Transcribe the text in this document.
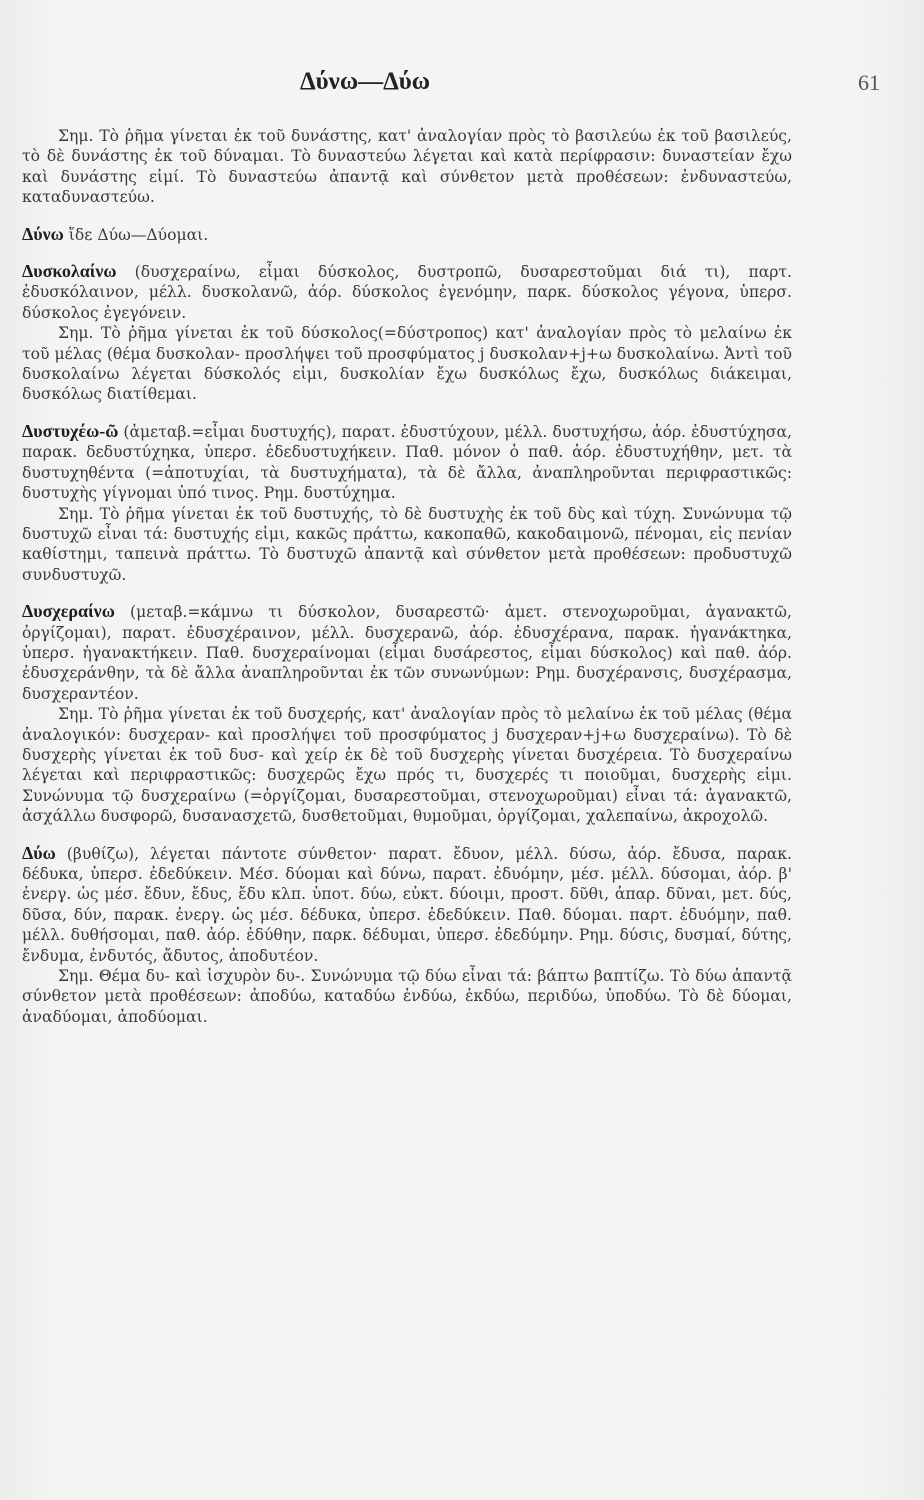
Δύνω—Δύω	61

Σημ. Τὸ ῥῆμα γίνεται ἐκ τοῦ δυνάστης, κατ' ἀναλογίαν πρὸς τὸ βασιλεύω ἐκ τοῦ βασιλεύς, τὸ δὲ δυνάστης ἐκ τοῦ δύναμαι. Τὸ δυναστεύω λέγεται καὶ κατὰ περίφρασιν: δυναστείαν ἔχω καὶ δυνάστης εἰμί. Τὸ δυναστεύω ἀπαντᾷ καὶ σύνθετον μετὰ προθέσεων: ἐνδυναστεύω, καταδυναστεύω.

Δύνω ἴδε Δύω—Δύομαι.

Δυσκολαίνω (δυσχεραίνω, εἶμαι δύσκολος, δυστροπῶ, δυσαρεστοῦμαι διά τι), παρτ. ἐδυσκόλαινον, μέλλ. δυσκολανῶ, ἀόρ. δύσκολος ἐγενόμην, παρκ. δύσκολος γέγονα, ὑπερσ. δύσκολος ἐγεγόνειν.

Σημ. Τὸ ῥῆμα γίνεται ἐκ τοῦ δύσκολος(=δύστροπος) κατ' ἀναλογίαν πρὸς τὸ μελαίνω ἐκ τοῦ μέλας (θέμα δυσκολαν- προσλήψει τοῦ προσφύματος j δυσκολαν+j+ω δυσκολαίνω. Ἀντὶ τοῦ δυσκολαίνω λέγεται δύσκολός εἰμι, δυσκολίαν ἔχω δυσκόλως ἔχω, δυσκόλως διάκειμαι, δυσκόλως διατίθεμαι.

Δυστυχέω-ῶ (ἀμεταβ.=εἶμαι δυστυχής), παρατ. ἐδυστύχουν, μέλλ. δυστυχήσω, ἀόρ. ἐδυστύχησα, παρακ. δεδυστύχηκα, ὑπερσ. ἐδεδυστυχήκειν. Παθ. μόνον ὁ παθ. ἀόρ. ἐδυστυχήθην, μετ. τὰ δυστυχηθέντα (=ἀποτυχίαι, τὰ δυστυχήματα), τὰ δὲ ἄλλα, ἀναπληροῦνται περιφραστικῶς: δυστυχὴς γίγνομαι ὑπό τινος. Ρημ. δυστύχημα.

Σημ. Τὸ ῥῆμα γίνεται ἐκ τοῦ δυστυχής, τὸ δὲ δυστυχὴς ἐκ τοῦ δὺς καὶ τύχη. Συνώνυμα τῷ δυστυχῶ εἶναι τά: δυστυχής εἰμι, κακῶς πράττω, κακοπαθῶ, κακοδαιμονῶ, πένομαι, εἰς πενίαν καθίστημι, ταπεινὰ πράττω. Τὸ δυστυχῶ ἀπαντᾷ καὶ σύνθετον μετὰ προθέσεων: προδυστυχῶ συνδυστυχῶ.

Δυσχεραίνω (μεταβ.=κάμνω τι δύσκολον, δυσαρεστῶ· ἀμετ. στενοχωροῦμαι, ἀγανακτῶ, ὀργίζομαι), παρατ. ἐδυσχέραινον, μέλλ. δυσχερανῶ, ἀόρ. ἐδυσχέρανα, παρακ. ἠγανάκτηκα, ὑπερσ. ἠγανακτήκειν. Παθ. δυσχεραίνομαι (εἶμαι δυσάρεστος, εἶμαι δύσκολος) καὶ παθ. ἀόρ. ἐδυσχεράνθην, τὰ δὲ ἄλλα ἀναπληροῦνται ἐκ τῶν συνωνύμων: Ρημ. δυσχέρανσις, δυσχέρασμα, δυσχεραντέον.

Σημ. Τὸ ῥῆμα γίνεται ἐκ τοῦ δυσχερής, κατ' ἀναλογίαν πρὸς τὸ μελαίνω ἐκ τοῦ μέλας (θέμα ἀναλογικόν: δυσχεραν- καὶ προσλήψει τοῦ προσφύματος j δυσχεραν+j+ω δυσχεραίνω). Τὸ δὲ δυσχερὴς γίνεται ἐκ τοῦ δυσ- καὶ χείρ ἐκ δὲ τοῦ δυσχερὴς γίνεται δυσχέρεια. Τὸ δυσχεραίνω λέγεται καὶ περιφραστικῶς: δυσχερῶς ἔχω πρός τι, δυσχερές τι ποιοῦμαι, δυσχερὴς εἰμι. Συνώνυμα τῷ δυσχεραίνω (=ὀργίζομαι, δυσαρεστοῦμαι, στενοχωροῦμαι) εἶναι τά: ἀγανακτῶ, ἀσχάλλω δυσφορῶ, δυσανασχετῶ, δυσθετοῦμαι, θυμοῦμαι, ὀργίζομαι, χαλεπαίνω, ἀκροχολῶ.

Δύω (βυθίζω), λέγεται πάντοτε σύνθετον· παρατ. ἔδυον, μέλλ. δύσω, ἀόρ. ἔδυσα, παρακ. δέδυκα, ὑπερσ. ἐδεδύκειν. Μέσ. δύομαι καὶ δύνω, παρατ. ἐδυόμην, μέσ. μέλλ. δύσομαι, ἀόρ. β' ἐνεργ. ὡς μέσ. ἔδυν, ἔδυς, ἔδυ κλπ. ὑποτ. δύω, εὐκτ. δύοιμι, προστ. δῦθι, ἀπαρ. δῦναι, μετ. δύς, δῦσα, δύν, παρακ. ἐνεργ. ὡς μέσ. δέδυκα, ὑπερσ. ἐδεδύκειν. Παθ. δύομαι. παρτ. ἐδυόμην, παθ. μέλλ. δυθήσομαι, παθ. ἀόρ. ἐδύθην, παρκ. δέδυμαι, ὑπερσ. ἐδεδύμην. Ρημ. δύσις, δυσμαί, δύτης, ἔνδυμα, ἐνδυτός, ἄδυτος, ἀποδυτέον.

Σημ. Θέμα δυ- καὶ ἰσχυρὸν δυ-. Συνώνυμα τῷ δύω εἶναι τά: βάπτω βαπτίζω. Τὸ δύω ἀπαντᾷ σύνθετον μετὰ προθέσεων: ἀποδύω, καταδύω ἐνδύω, ἐκδύω, περιδύω, ὑποδύω. Τὸ δὲ δύομαι, ἀναδύομαι, ἀποδύομαι.
